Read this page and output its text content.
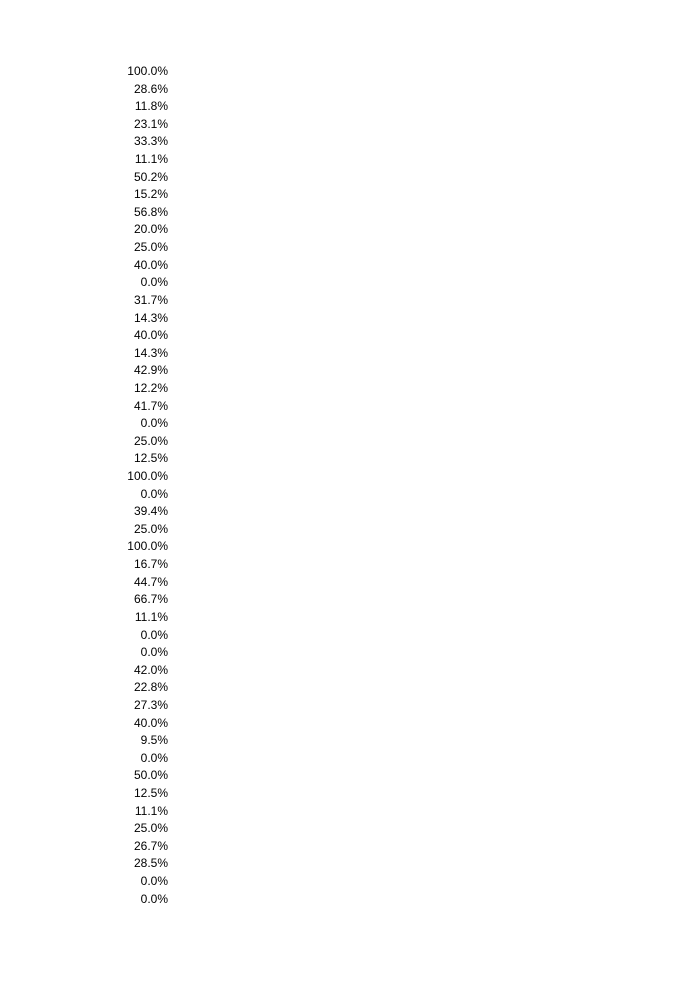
100.0%
28.6%
11.8%
23.1%
33.3%
11.1%
50.2%
15.2%
56.8%
20.0%
25.0%
40.0%
0.0%
31.7%
14.3%
40.0%
14.3%
42.9%
12.2%
41.7%
0.0%
25.0%
12.5%
100.0%
0.0%
39.4%
25.0%
100.0%
16.7%
44.7%
66.7%
11.1%
0.0%
0.0%
42.0%
22.8%
27.3%
40.0%
9.5%
0.0%
50.0%
12.5%
11.1%
25.0%
26.7%
28.5%
0.0%
0.0%
